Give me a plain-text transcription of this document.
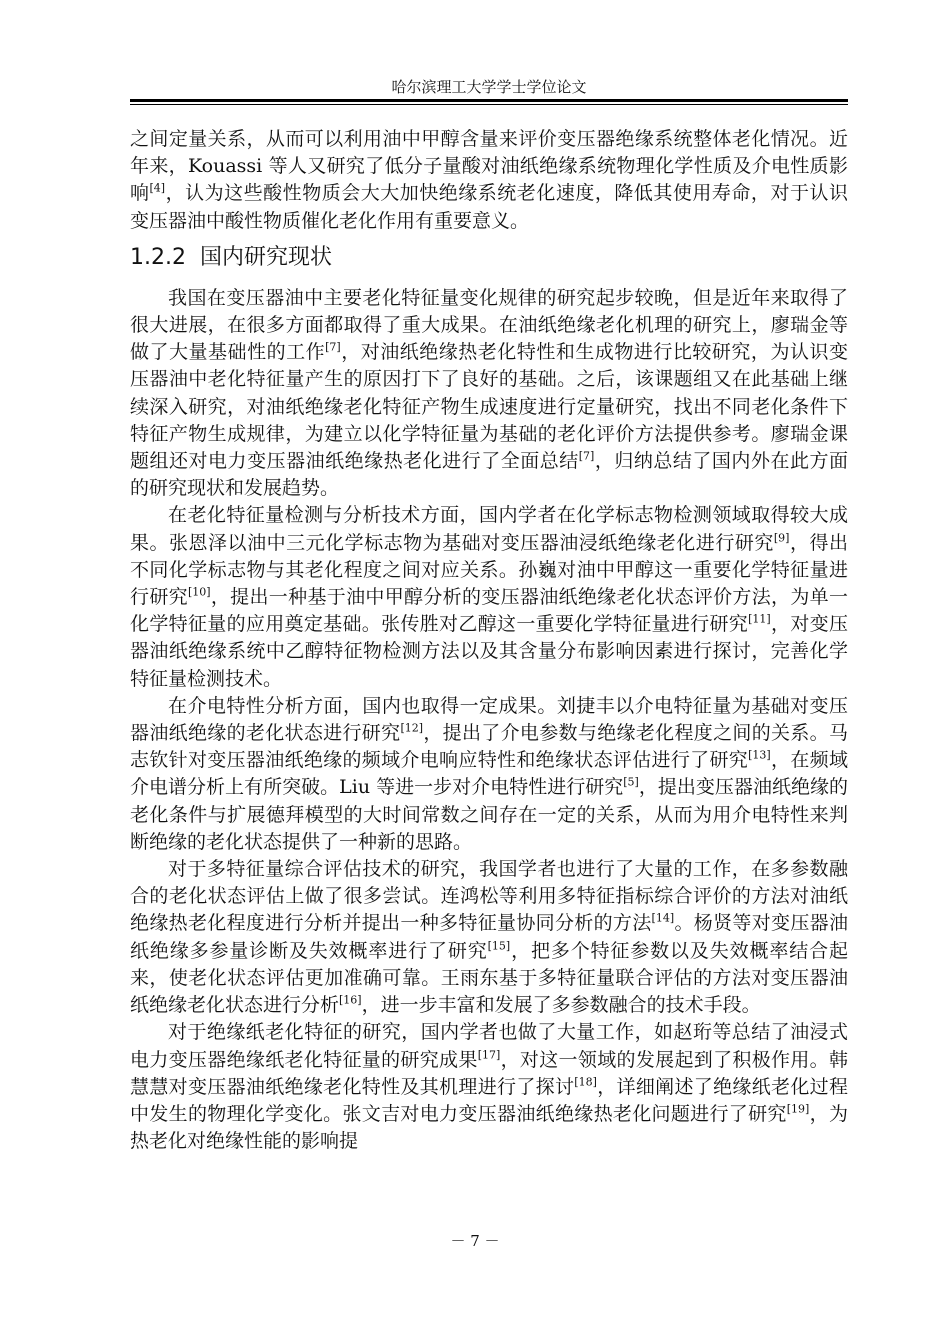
哈尔滨理工大学学士学位论文

之间定量关系，从而可以利用油中甲醇含量来评价变压器绝缘系统整体老化情况。近年来，Kouassi 等人又研究了低分子量酸对油纸绝缘系统物理化学性质及介电性质影响[4]，认为这些酸性物质会大大加快绝缘系统老化速度，降低其使用寿命，对于认识变压器油中酸性物质催化老化作用有重要意义。

1.2.2 国内研究现状

我国在变压器油中主要老化特征量变化规律的研究起步较晚，但是近年来取得了很大进展，在很多方面都取得了重大成果。在油纸绝缘老化机理的研究上，廖瑞金等做了大量基础性的工作[7]，对油纸绝缘热老化特性和生成物进行比较研究，为认识变压器油中老化特征量产生的原因打下了良好的基础。之后，该课题组又在此基础上继续深入研究，对油纸绝缘老化特征产物生成速度进行定量研究，找出不同老化条件下特征产物生成规律，为建立以化学特征量为基础的老化评价方法提供参考。廖瑞金课题组还对电力变压器油纸绝缘热老化进行了全面总结[7]，归纳总结了国内外在此方面的研究现状和发展趋势。

在老化特征量检测与分析技术方面，国内学者在化学标志物检测领域取得较大成果。张恩泽以油中三元化学标志物为基础对变压器油浸纸绝缘老化进行研究[9]，得出不同化学标志物与其老化程度之间对应关系。孙巍对油中甲醇这一重要化学特征量进行研究[10]，提出一种基于油中甲醇分析的变压器油纸绝缘老化状态评价方法，为单一化学特征量的应用奠定基础。张传胜对乙醇这一重要化学特征量进行研究[11]，对变压器油纸绝缘系统中乙醇特征物检测方法以及其含量分布影响因素进行探讨，完善化学特征量检测技术。

在介电特性分析方面，国内也取得一定成果。刘捷丰以介电特征量为基础对变压器油纸绝缘的老化状态进行研究[12]，提出了介电参数与绝缘老化程度之间的关系。马志钦针对变压器油纸绝缘的频域介电响应特性和绝缘状态评估进行了研究[13]，在频域介电谱分析上有所突破。Liu 等进一步对介电特性进行研究[5]，提出变压器油纸绝缘的老化条件与扩展德拜模型的大时间常数之间存在一定的关系，从而为用介电特性来判断绝缘的老化状态提供了一种新的思路。

对于多特征量综合评估技术的研究，我国学者也进行了大量的工作，在多参数融合的老化状态评估上做了很多尝试。连鸿松等利用多特征指标综合评价的方法对油纸绝缘热老化程度进行分析并提出一种多特征量协同分析的方法[14]。杨贤等对变压器油纸绝缘多参量诊断及失效概率进行了研究[15]，把多个特征参数以及失效概率结合起来，使老化状态评估更加准确可靠。王雨东基于多特征量联合评估的方法对变压器油纸绝缘老化状态进行分析[16]，进一步丰富和发展了多参数融合的技术手段。

对于绝缘纸老化特征的研究，国内学者也做了大量工作，如赵珩等总结了油浸式电力变压器绝缘纸老化特征量的研究成果[17]，对这一领域的发展起到了积极作用。韩慧慧对变压器油纸绝缘老化特性及其机理进行了探讨[18]，详细阐述了绝缘纸老化过程中发生的物理化学变化。张文吉对电力变压器油纸绝缘热老化问题进行了研究[19]，为热老化对绝缘性能的影响提

－ 7 －
